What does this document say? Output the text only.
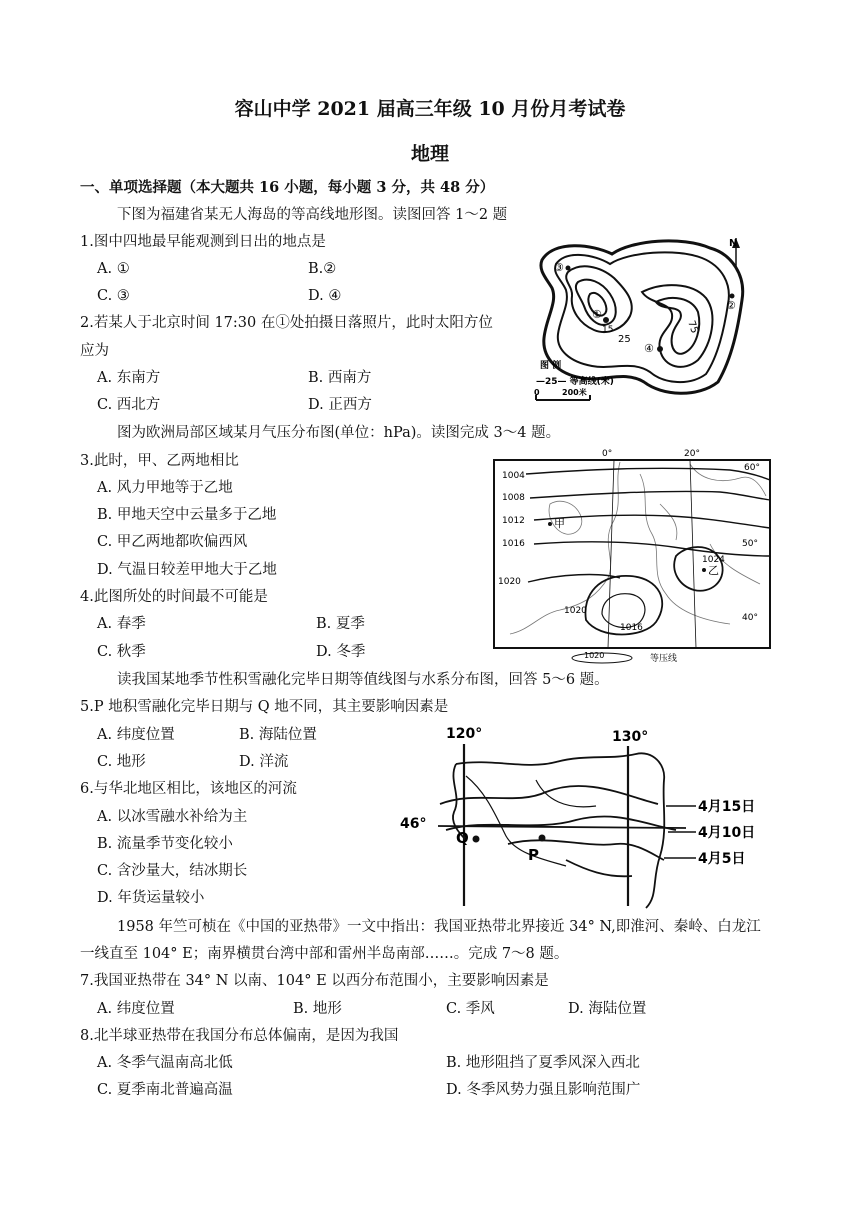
容山中学 2021 届高三年级 10 月份月考试卷
地理
一、单项选择题（本大题共 16 小题，每小题 3 分，共 48 分）
下图为福建省某无人海岛的等高线地形图。读图回答 1～2 题
1.图中四地最早能观测到日出的地点是
A. ①	B.②
C. ③	D. ④
2.若某人于北京时间 17:30 在①处拍摄日落照片，此时太阳方位
应为
A. 东南方	B. 西南方
C. 西北方	D. 正西方
N
③
②
①
④
75
25
15
图 例
—25— 等高线(米)
0	200米
图为欧洲局部区域某月气压分布图(单位：hPa)。读图完成 3～4 题。
3.此时，甲、乙两地相比
A. 风力甲地等于乙地
B. 甲地天空中云量多于乙地
C. 甲乙两地都吹偏西风
D. 气温日较差甲地大于乙地
4.此图所处的时间最不可能是
A. 春季	B. 夏季
C. 秋季	D. 冬季
0°	20°
60°
50°
40°
1004
1008
1012
1016
1020
1020
1016
1024
甲
乙
1020	等压线
读我国某地季节性积雪融化完毕日期等值线图与水系分布图，回答 5～6 题。
5.P 地积雪融化完毕日期与 Q 地不同，其主要影响因素是
A. 纬度位置	B. 海陆位置
C. 地形	D. 洋流
6.与华北地区相比，该地区的河流
A. 以冰雪融水补给为主
B. 流量季节变化较小
C. 含沙量大，结冰期长
D. 年货运量较小
120°	130°
46°
Q
P
4月15日
4月10日
4月5日
1958 年竺可桢在《中国的亚热带》一文中指出：我国亚热带北界接近 34° N,即淮河、秦岭、白龙江
一线直至 104° E；南界横贯台湾中部和雷州半岛南部……。完成 7～8 题。
7.我国亚热带在 34° N 以南、104° E 以西分布范围小，主要影响因素是
A. 纬度位置	B. 地形	C. 季风	D. 海陆位置
8.北半球亚热带在我国分布总体偏南，是因为我国
A. 冬季气温南高北低	B. 地形阻挡了夏季风深入西北
C. 夏季南北普遍高温	D. 冬季风势力强且影响范围广
